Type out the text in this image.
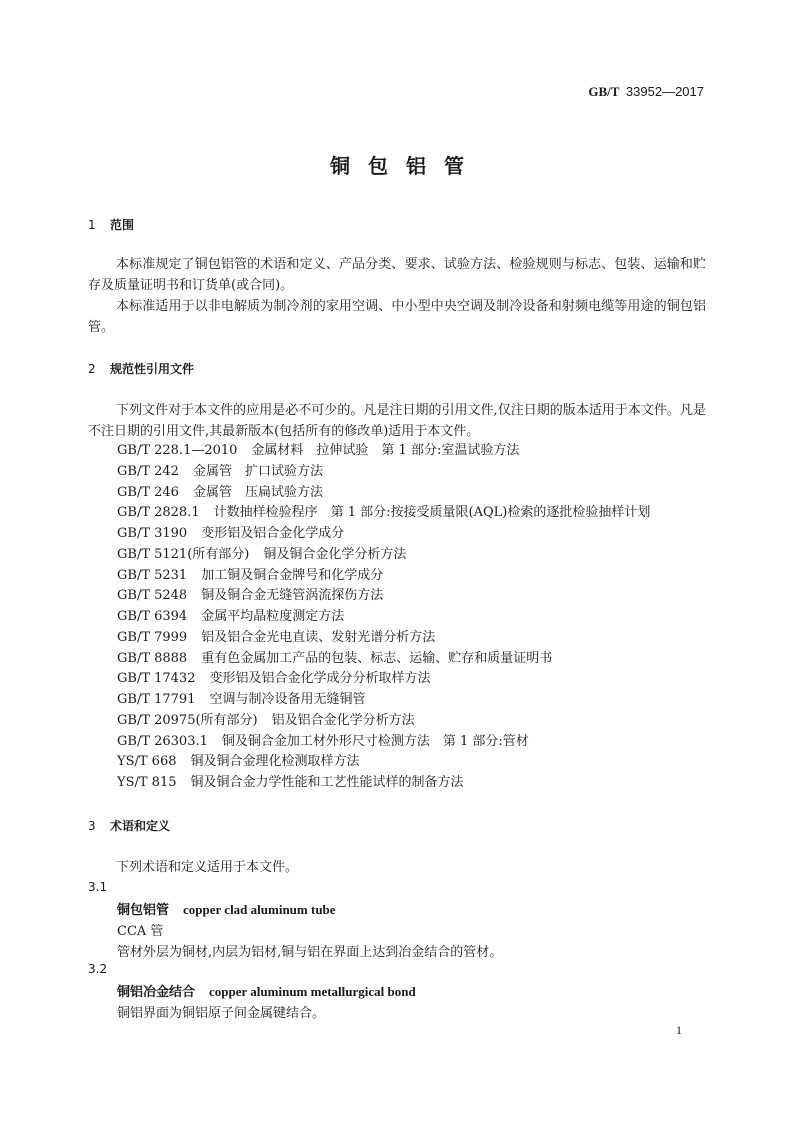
GB/T 33952—2017
铜包铝管
1 范围
本标准规定了铜包铝管的术语和定义、产品分类、要求、试验方法、检验规则与标志、包装、运输和贮存及质量证明书和订货单(或合同)。
本标准适用于以非电解质为制冷剂的家用空调、中小型中央空调及制冷设备和射频电缆等用途的铜包铝管。
2 规范性引用文件
下列文件对于本文件的应用是必不可少的。凡是注日期的引用文件,仅注日期的版本适用于本文件。凡是不注日期的引用文件,其最新版本(包括所有的修改单)适用于本文件。
GB/T 228.1—2010 金属材料　拉伸试验　第 1 部分:室温试验方法
GB/T 242 金属管　扩口试验方法
GB/T 246 金属管　压扁试验方法
GB/T 2828.1 计数抽样检验程序　第 1 部分:按接受质量限(AQL)检索的逐批检验抽样计划
GB/T 3190 变形铝及铝合金化学成分
GB/T 5121(所有部分) 铜及铜合金化学分析方法
GB/T 5231 加工铜及铜合金牌号和化学成分
GB/T 5248 铜及铜合金无缝管涡流探伤方法
GB/T 6394 金属平均晶粒度测定方法
GB/T 7999 铝及铝合金光电直读、发射光谱分析方法
GB/T 8888 重有色金属加工产品的包装、标志、运输、贮存和质量证明书
GB/T 17432 变形铝及铝合金化学成分分析取样方法
GB/T 17791 空调与制冷设备用无缝铜管
GB/T 20975(所有部分) 铝及铝合金化学分析方法
GB/T 26303.1 铜及铜合金加工材外形尺寸检测方法　第 1 部分:管材
YS/T 668 铜及铜合金理化检测取样方法
YS/T 815 铜及铜合金力学性能和工艺性能试样的制备方法
3 术语和定义
下列术语和定义适用于本文件。
3.1
铜包铝管 copper clad aluminum tube
CCA 管
管材外层为铜材,内层为铝材,铜与铝在界面上达到冶金结合的管材。
3.2
铜铝冶金结合 copper aluminum metallurgical bond
铜铝界面为铜铝原子间金属键结合。
1
